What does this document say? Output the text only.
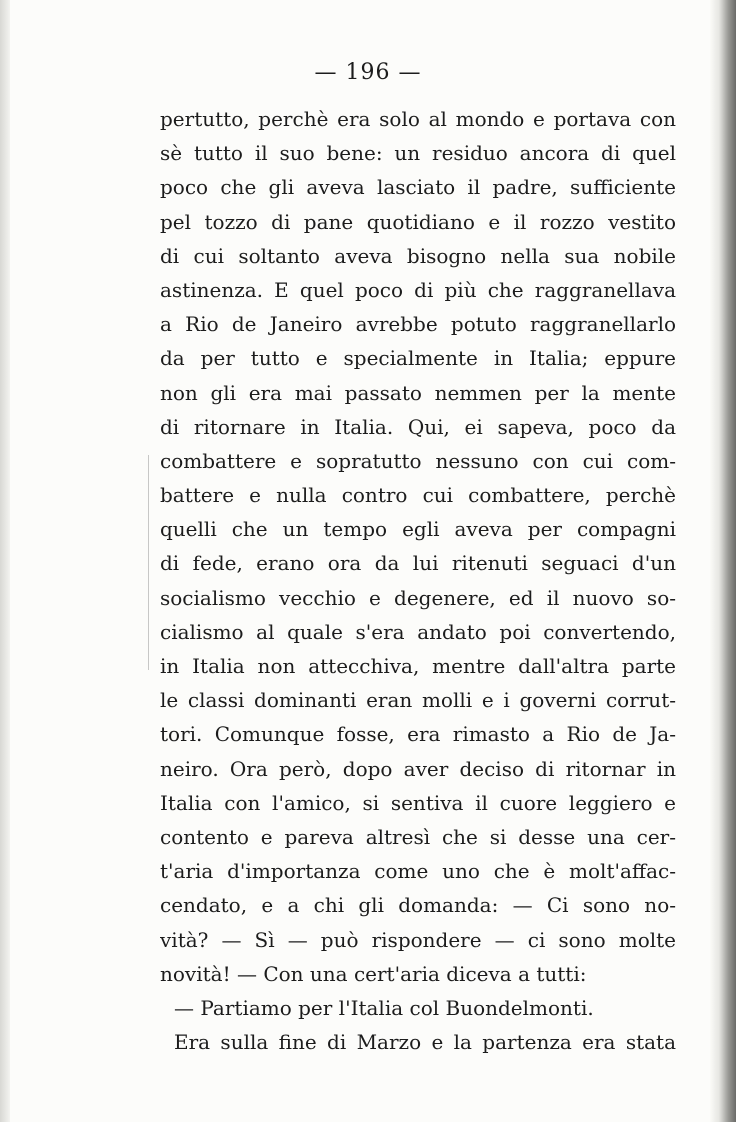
— 196 —
pertutto, perchè era solo al mondo e portava con
sè tutto il suo bene: un residuo ancora di quel
poco che gli aveva lasciato il padre, sufficiente
pel tozzo di pane quotidiano e il rozzo vestito
di cui soltanto aveva bisogno nella sua nobile
astinenza. E quel poco di più che raggranellava
a Rio de Janeiro avrebbe potuto raggranellarlo
da per tutto e specialmente in Italia; eppure
non gli era mai passato nemmen per la mente
di ritornare in Italia. Qui, ei sapeva, poco da
combattere e sopratutto nessuno con cui com-
battere e nulla contro cui combattere, perchè
quelli che un tempo egli aveva per compagni
di fede, erano ora da lui ritenuti seguaci d'un
socialismo vecchio e degenere, ed il nuovo so-
cialismo al quale s'era andato poi convertendo,
in Italia non attecchiva, mentre dall'altra parte
le classi dominanti eran molli e i governi corrut-
tori. Comunque fosse, era rimasto a Rio de Ja-
neiro. Ora però, dopo aver deciso di ritornar in
Italia con l'amico, si sentiva il cuore leggiero e
contento e pareva altresì che si desse una cer-
t'aria d'importanza come uno che è molt'affac-
cendato, e a chi gli domanda: — Ci sono no-
vità? — Sì — può rispondere — ci sono molte
novità! — Con una cert'aria diceva a tutti:
— Partiamo per l'Italia col Buondelmonti.
Era sulla fine di Marzo e la partenza era stata
